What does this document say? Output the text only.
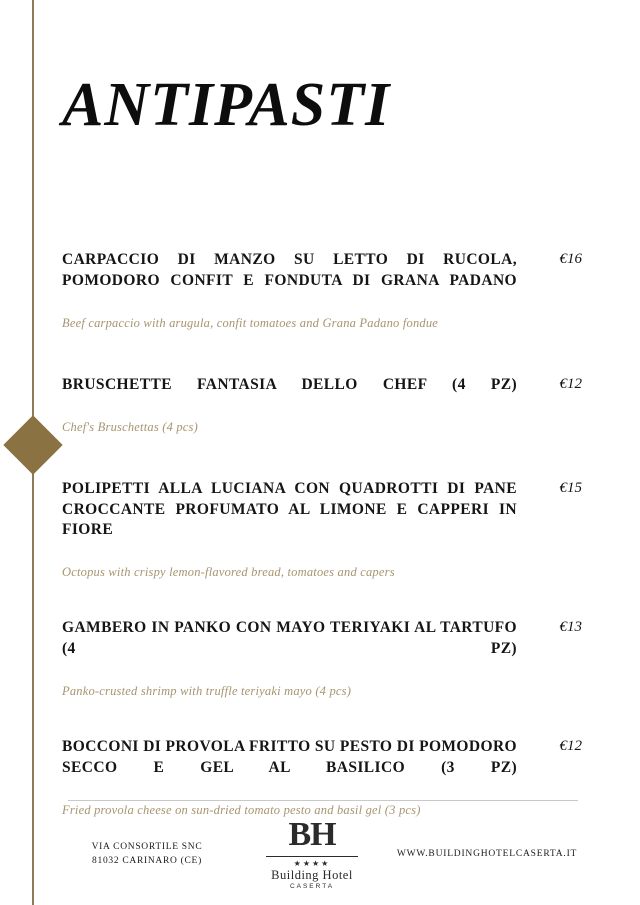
ANTIPASTI
CARPACCIO DI MANZO SU LETTO DI RUCOLA, POMODORO CONFIT E FONDUTA DI GRANA PADANO
€16
Beef carpaccio with arugula, confit tomatoes and Grana Padano fondue
BRUSCHETTE FANTASIA DELLO CHEF (4 PZ)	€12
Chef's Bruschettas (4 pcs)
POLIPETTI ALLA LUCIANA CON QUADROTTI DI PANE CROCCANTE PROFUMATO AL LIMONE E CAPPERI IN FIORE
€15
Octopus with crispy lemon-flavored bread, tomatoes and capers
GAMBERO IN PANKO CON MAYO TERIYAKI AL TARTUFO (4 PZ)
€13
Panko-crusted shrimp with truffle teriyaki mayo (4 pcs)
BOCCONI DI PROVOLA FRITTO SU PESTO DI POMODORO SECCO E GEL AL BASILICO (3 PZ)
€12
Fried provola cheese on sun-dried tomato pesto and basil gel (3 pcs)
VIA CONSORTILE SNC
81032 CARINARO (CE)
BH
★★★★
Building Hotel
CASERTA
WWW.BUILDINGHOTELCASERTA.IT
